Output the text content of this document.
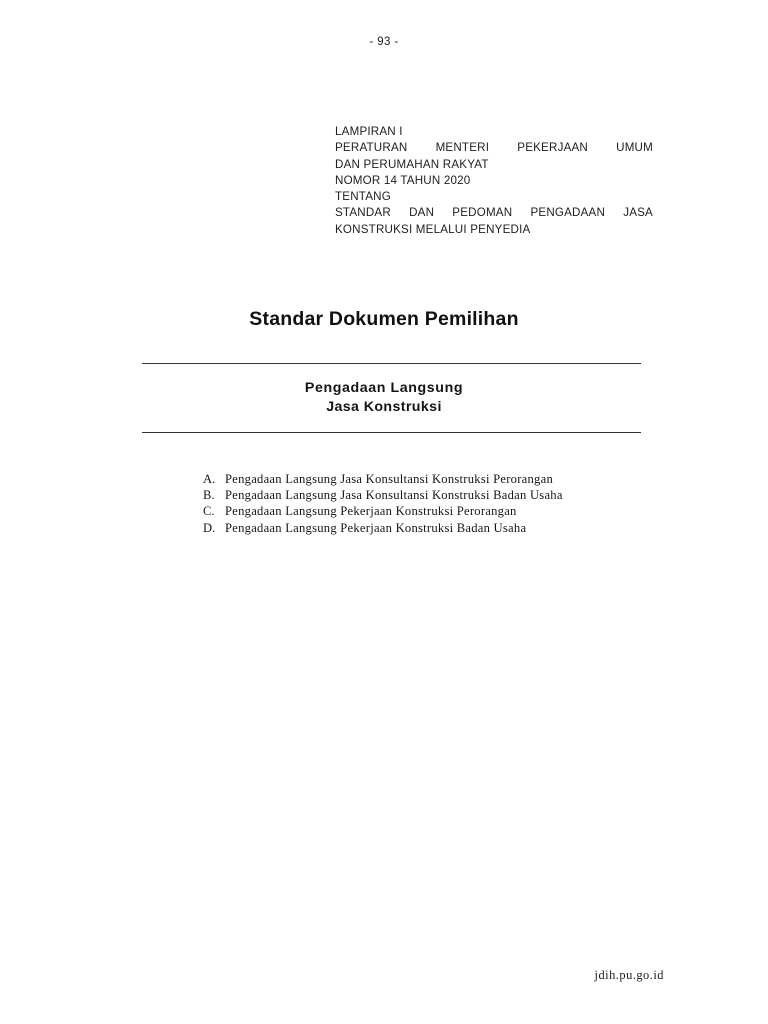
- 93 -
LAMPIRAN I
PERATURAN MENTERI PEKERJAAN UMUM
DAN PERUMAHAN RAKYAT
NOMOR 14 TAHUN 2020
TENTANG
STANDAR DAN PEDOMAN PENGADAAN JASA
KONSTRUKSI MELALUI PENYEDIA
Standar Dokumen Pemilihan
Pengadaan Langsung
Jasa Konstruksi
A. Pengadaan Langsung Jasa Konsultansi Konstruksi Perorangan
B. Pengadaan Langsung Jasa Konsultansi Konstruksi Badan Usaha
C. Pengadaan Langsung Pekerjaan Konstruksi Perorangan
D. Pengadaan Langsung Pekerjaan Konstruksi Badan Usaha
jdih.pu.go.id
